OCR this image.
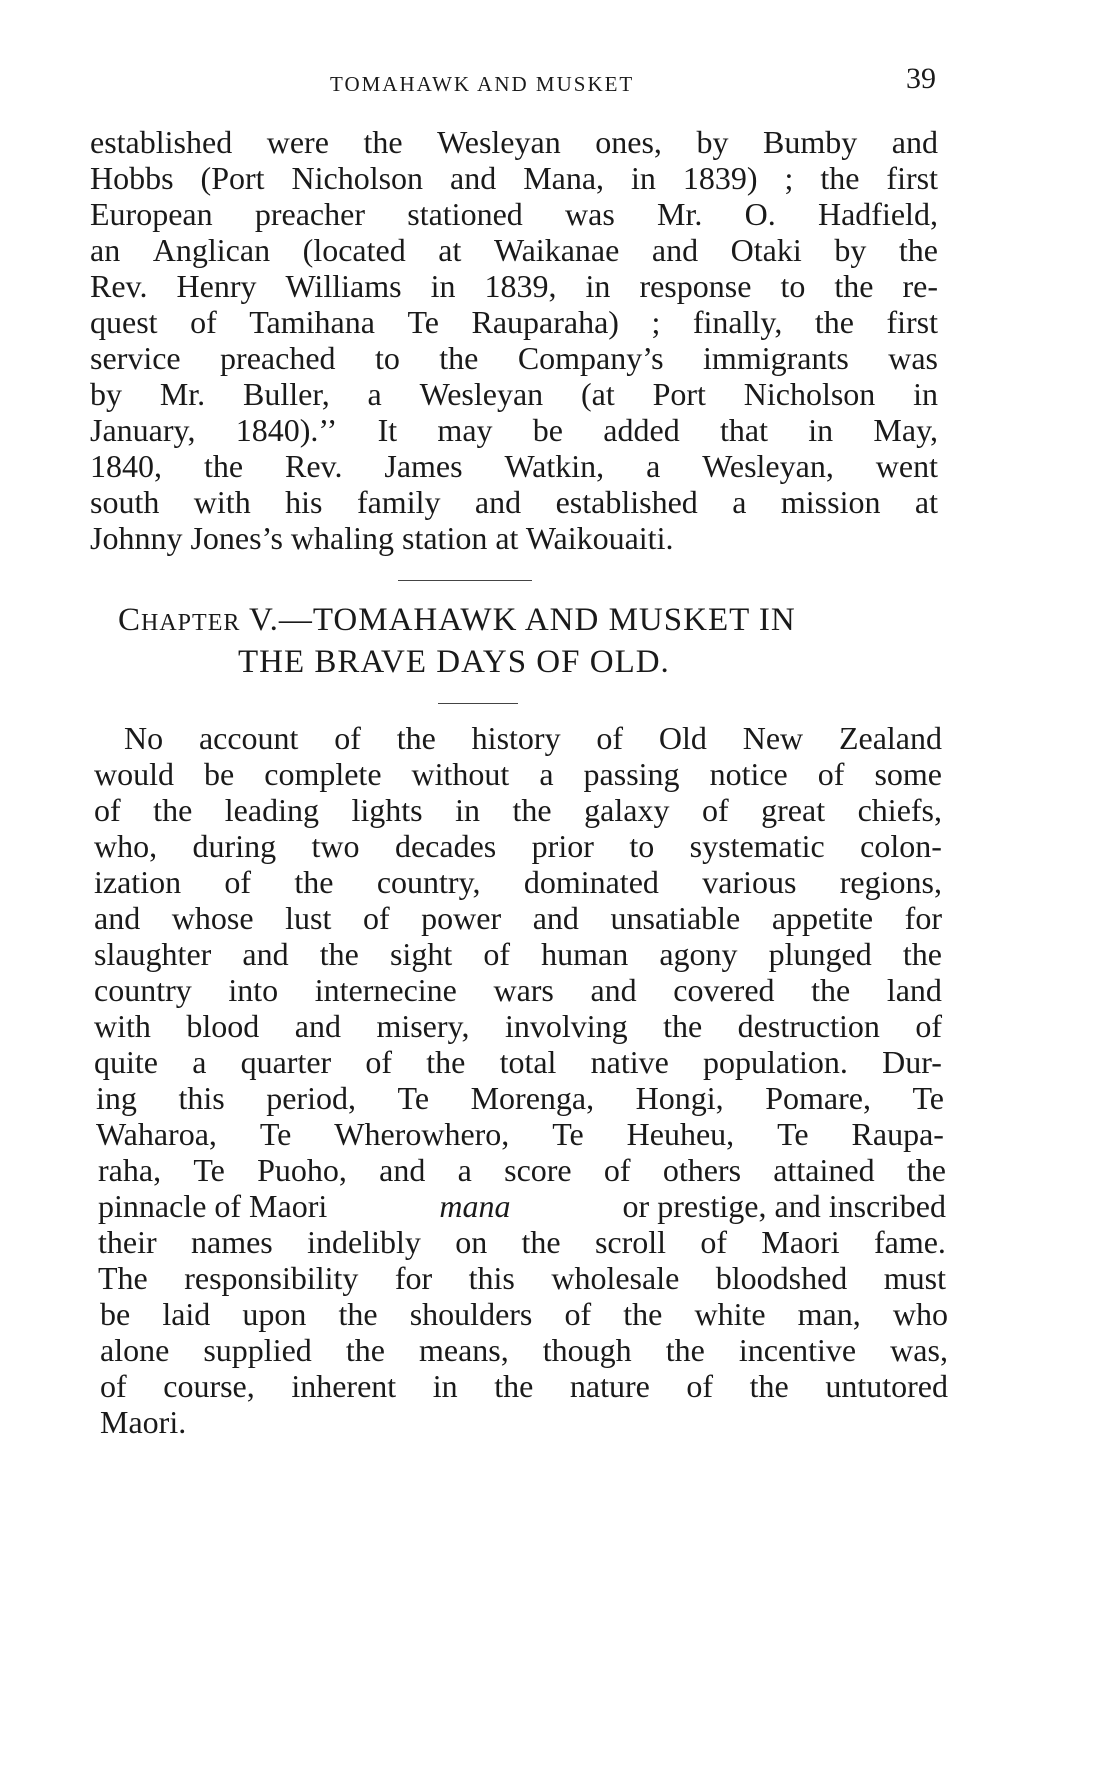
TOMAHAWK AND MUSKET	39
established were the Wesleyan ones, by Bumby and
Hobbs (Port Nicholson and Mana, in 1839) ; the first
European preacher stationed was Mr. O. Hadfield,
an Anglican (located at Waikanae and Otaki by the
Rev. Henry Williams in 1839, in response to the re-
quest of Tamihana Te Rauparaha) ; finally, the first
service preached to the Company’s immigrants was
by Mr. Buller, a Wesleyan (at Port Nicholson in
January, 1840).’’ It may be added that in May,
1840, the Rev. James Watkin, a Wesleyan, went
south with his family and established a mission at
Johnny Jones’s whaling station at Waikouaiti.
CHAPTER V.—TOMAHAWK AND MUSKET IN
THE BRAVE DAYS OF OLD.
No account of the history of Old New Zealand
would be complete without a passing notice of some
of the leading lights in the galaxy of great chiefs,
who, during two decades prior to systematic colon-
ization of the country, dominated various regions,
and whose lust of power and unsatiable appetite for
slaughter and the sight of human agony plunged the
country into internecine wars and covered the land
with blood and misery, involving the destruction of
quite a quarter of the total native population. Dur-
ing this period, Te Morenga, Hongi, Pomare, Te
Waharoa, Te Wherowhero, Te Heuheu, Te Raupa-
raha, Te Puoho, and a score of others attained the
pinnacle of Maori	mana	or prestige, and inscribed
their names indelibly on the scroll of Maori fame.
The responsibility for this wholesale bloodshed must
be laid upon the shoulders of the white man, who
alone supplied the means, though the incentive was,
of course, inherent in the nature of the untutored
Maori.
